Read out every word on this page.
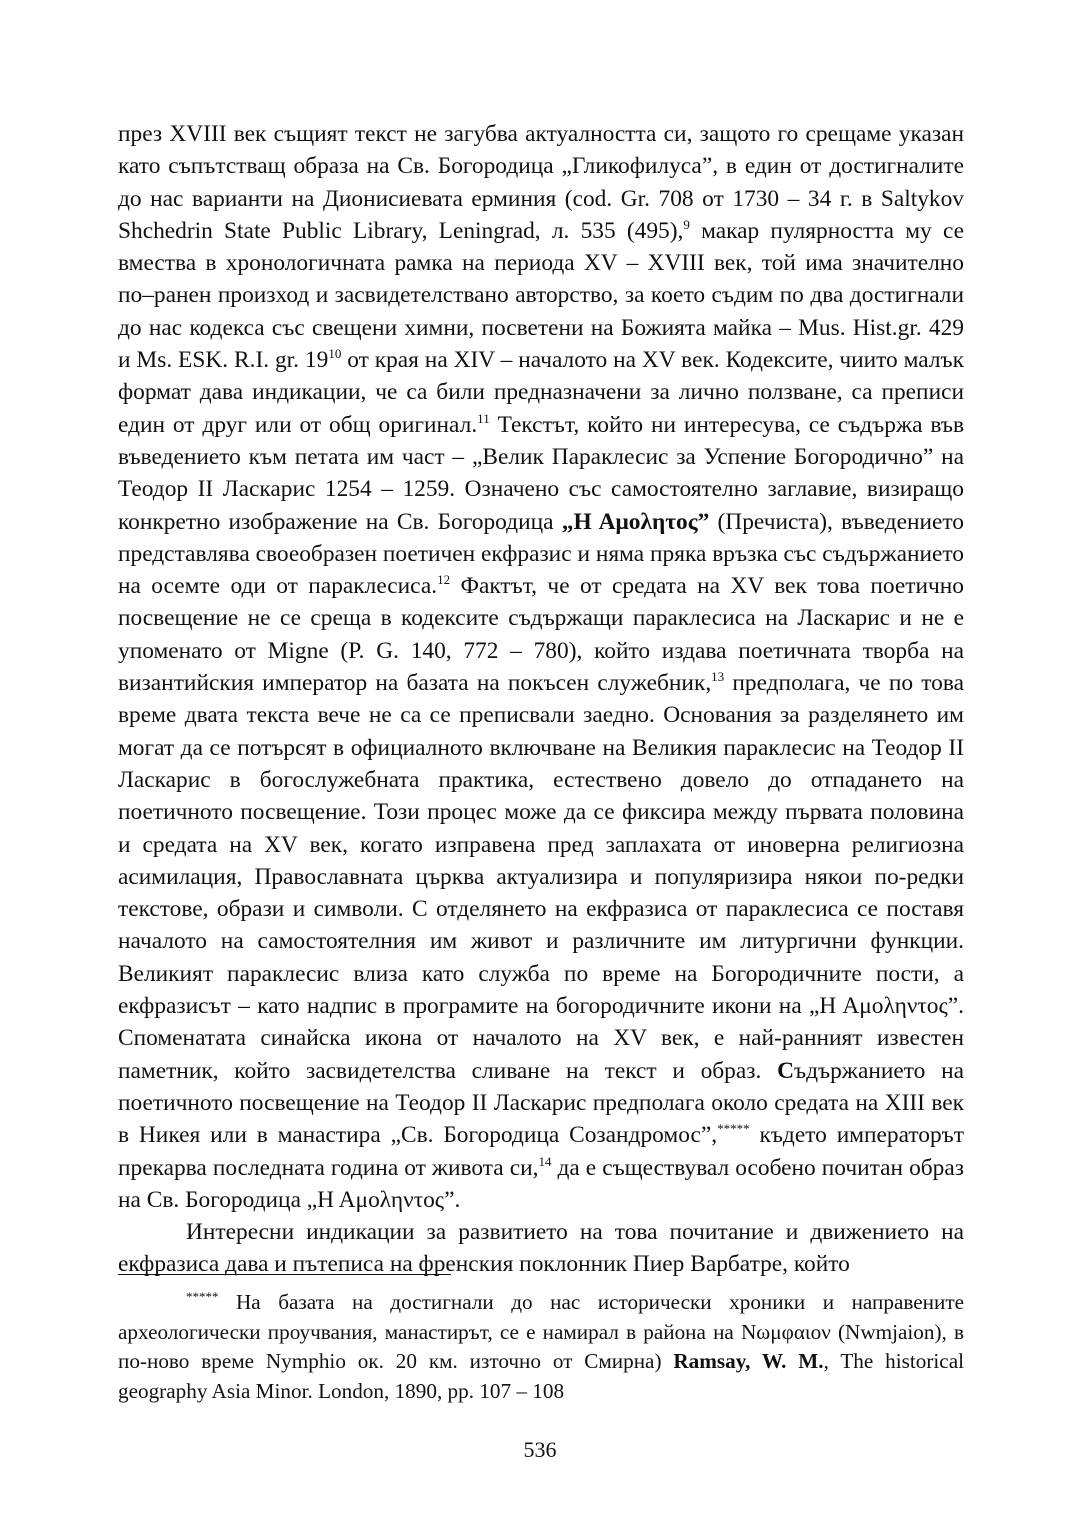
през XVIII век същият текст не загубва актуалността си, защото го срещаме указан като съпътстващ образа на Св. Богородица „Гликофилуса”, в един от достигналите до нас варианти на Дионисиевата ерминия (cod. Gr. 708 от 1730 – 34 г. в Saltykov Shchedrin State Public Library, Leningrad, л. 535 (495),$^9$ макар пулярността му се вмества в хронологичната рамка на периода XV – XVIII век, той има значително по–ранен произход и засвидетелствано авторство, за което съдим по два достигнали до нас кодекса със свещени химни, посветени на Божията майка – Mus. Hist.gr. 429 и Ms. ESK. R.I. gr. $19^{10}$ от края на XIV – началото на XV век. Кодексите, чиито малък формат дава индикации, че са били предназначени за лично ползване, са преписи един от друг или от общ оригинал.$^{11}$ Текстът, който ни интересува, се съдържа във въведението към петата им част – „Велик Параклесис за Успение Богородично” на Теодор II Ласкарис 1254 – 1259. Означено със самостоятелно заглавие, визиращо конкретно изображение на Св. Богородица „Η Αμολητος” (Пречиста), въведението представлява своеобразен поетичен екфразис и няма пряка връзка със съдържанието на осемте оди от параклесиса.$^{12}$ Фактът, че от средата на XV век това поетично посвещение не се среща в кодексите съдържащи параклесиса на Ласкарис и не е упоменато от Migne (P. G. 140, 772 – 780), който издава поетичната творба на византийския император на базата на покъсен служебник,$^{13}$ предполага, че по това време двата текста вече не са се преписвали заедно. Основания за разделянето им могат да се потърсят в официалното включване на Великия параклесис на Теодор II Ласкарис в богослужебната практика, естествено довело до отпадането на поетичното посвещение. Този процес може да се фиксира между първата половина и средата на XV век, когато изправена пред заплахата от иноверна религиозна асимилация, Православната църква актуализира и популяризира някои по-редки текстове, образи и символи. С отделянето на екфразиса от параклесиса се поставя началото на самостоятелния им живот и различните им литургични функции. Великият параклесис влиза като служба по време на Богородичните пости, а екфразисът – като надпис в програмите на богородичните икони на „Η Αμοληντος”. Споменатата синайска икона от началото на XV век, е най-ранният известен паметник, който засвидетелства сливане на текст и образ. Съдържанието на поетичното посвещение на Теодор II Ласкарис предполага около средата на XIII век в Никея или в манастира „Св. Богородица Созандромос”,***** където императорът прекарва последната година от живота си,$^{14}$ да е съществувал особено почитан образ на Св. Богородица „Η Αμοληντος”.

Интересни индикации за развитието на това почитание и движението на екфразиса дава и пътеписа на френския поклонник Пиер Варбатре, който

***** На базата на достигнали до нас исторически хроники и направените археологически проучвания, манастирът, се е намирал в района на Νωμφαιον (Nwmjaion), в по-ново време Nymphio ок. 20 км. източно от Смирна) Ramsay, W. M., The historical geography Asia Minor. London, 1890, pp. 107 – 108

536
